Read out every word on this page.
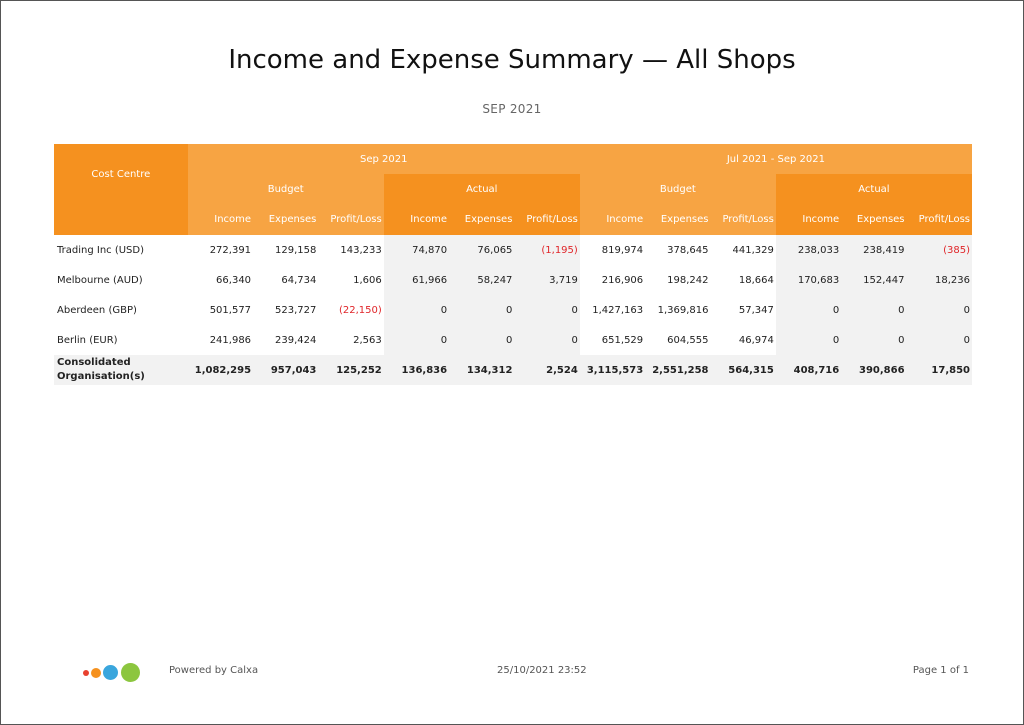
Income and Expense Summary — All Shops
SEP 2021
Cost Centre	Sep 2021						Jul 2021 - Sep 2021					
	Budget			Actual			Budget			Actual		
	Income	Expenses	Profit/Loss	Income	Expenses	Profit/Loss	Income	Expenses	Profit/Loss	Income	Expenses	Profit/Loss
Trading Inc (USD)	272,391	129,158	143,233	74,870	76,065	(1,195)	819,974	378,645	441,329	238,033	238,419	(385)
Melbourne (AUD)	66,340	64,734	1,606	61,966	58,247	3,719	216,906	198,242	18,664	170,683	152,447	18,236
Aberdeen (GBP)	501,577	523,727	(22,150)	0	0	0	1,427,163	1,369,816	57,347	0	0	0
Berlin (EUR)	241,986	239,424	2,563	0	0	0	651,529	604,555	46,974	0	0	0
Consolidated Organisation(s)	1,082,295	957,043	125,252	136,836	134,312	2,524	3,115,573	2,551,258	564,315	408,716	390,866	17,850
Powered by Calxa	25/10/2021 23:52	Page 1 of 1
